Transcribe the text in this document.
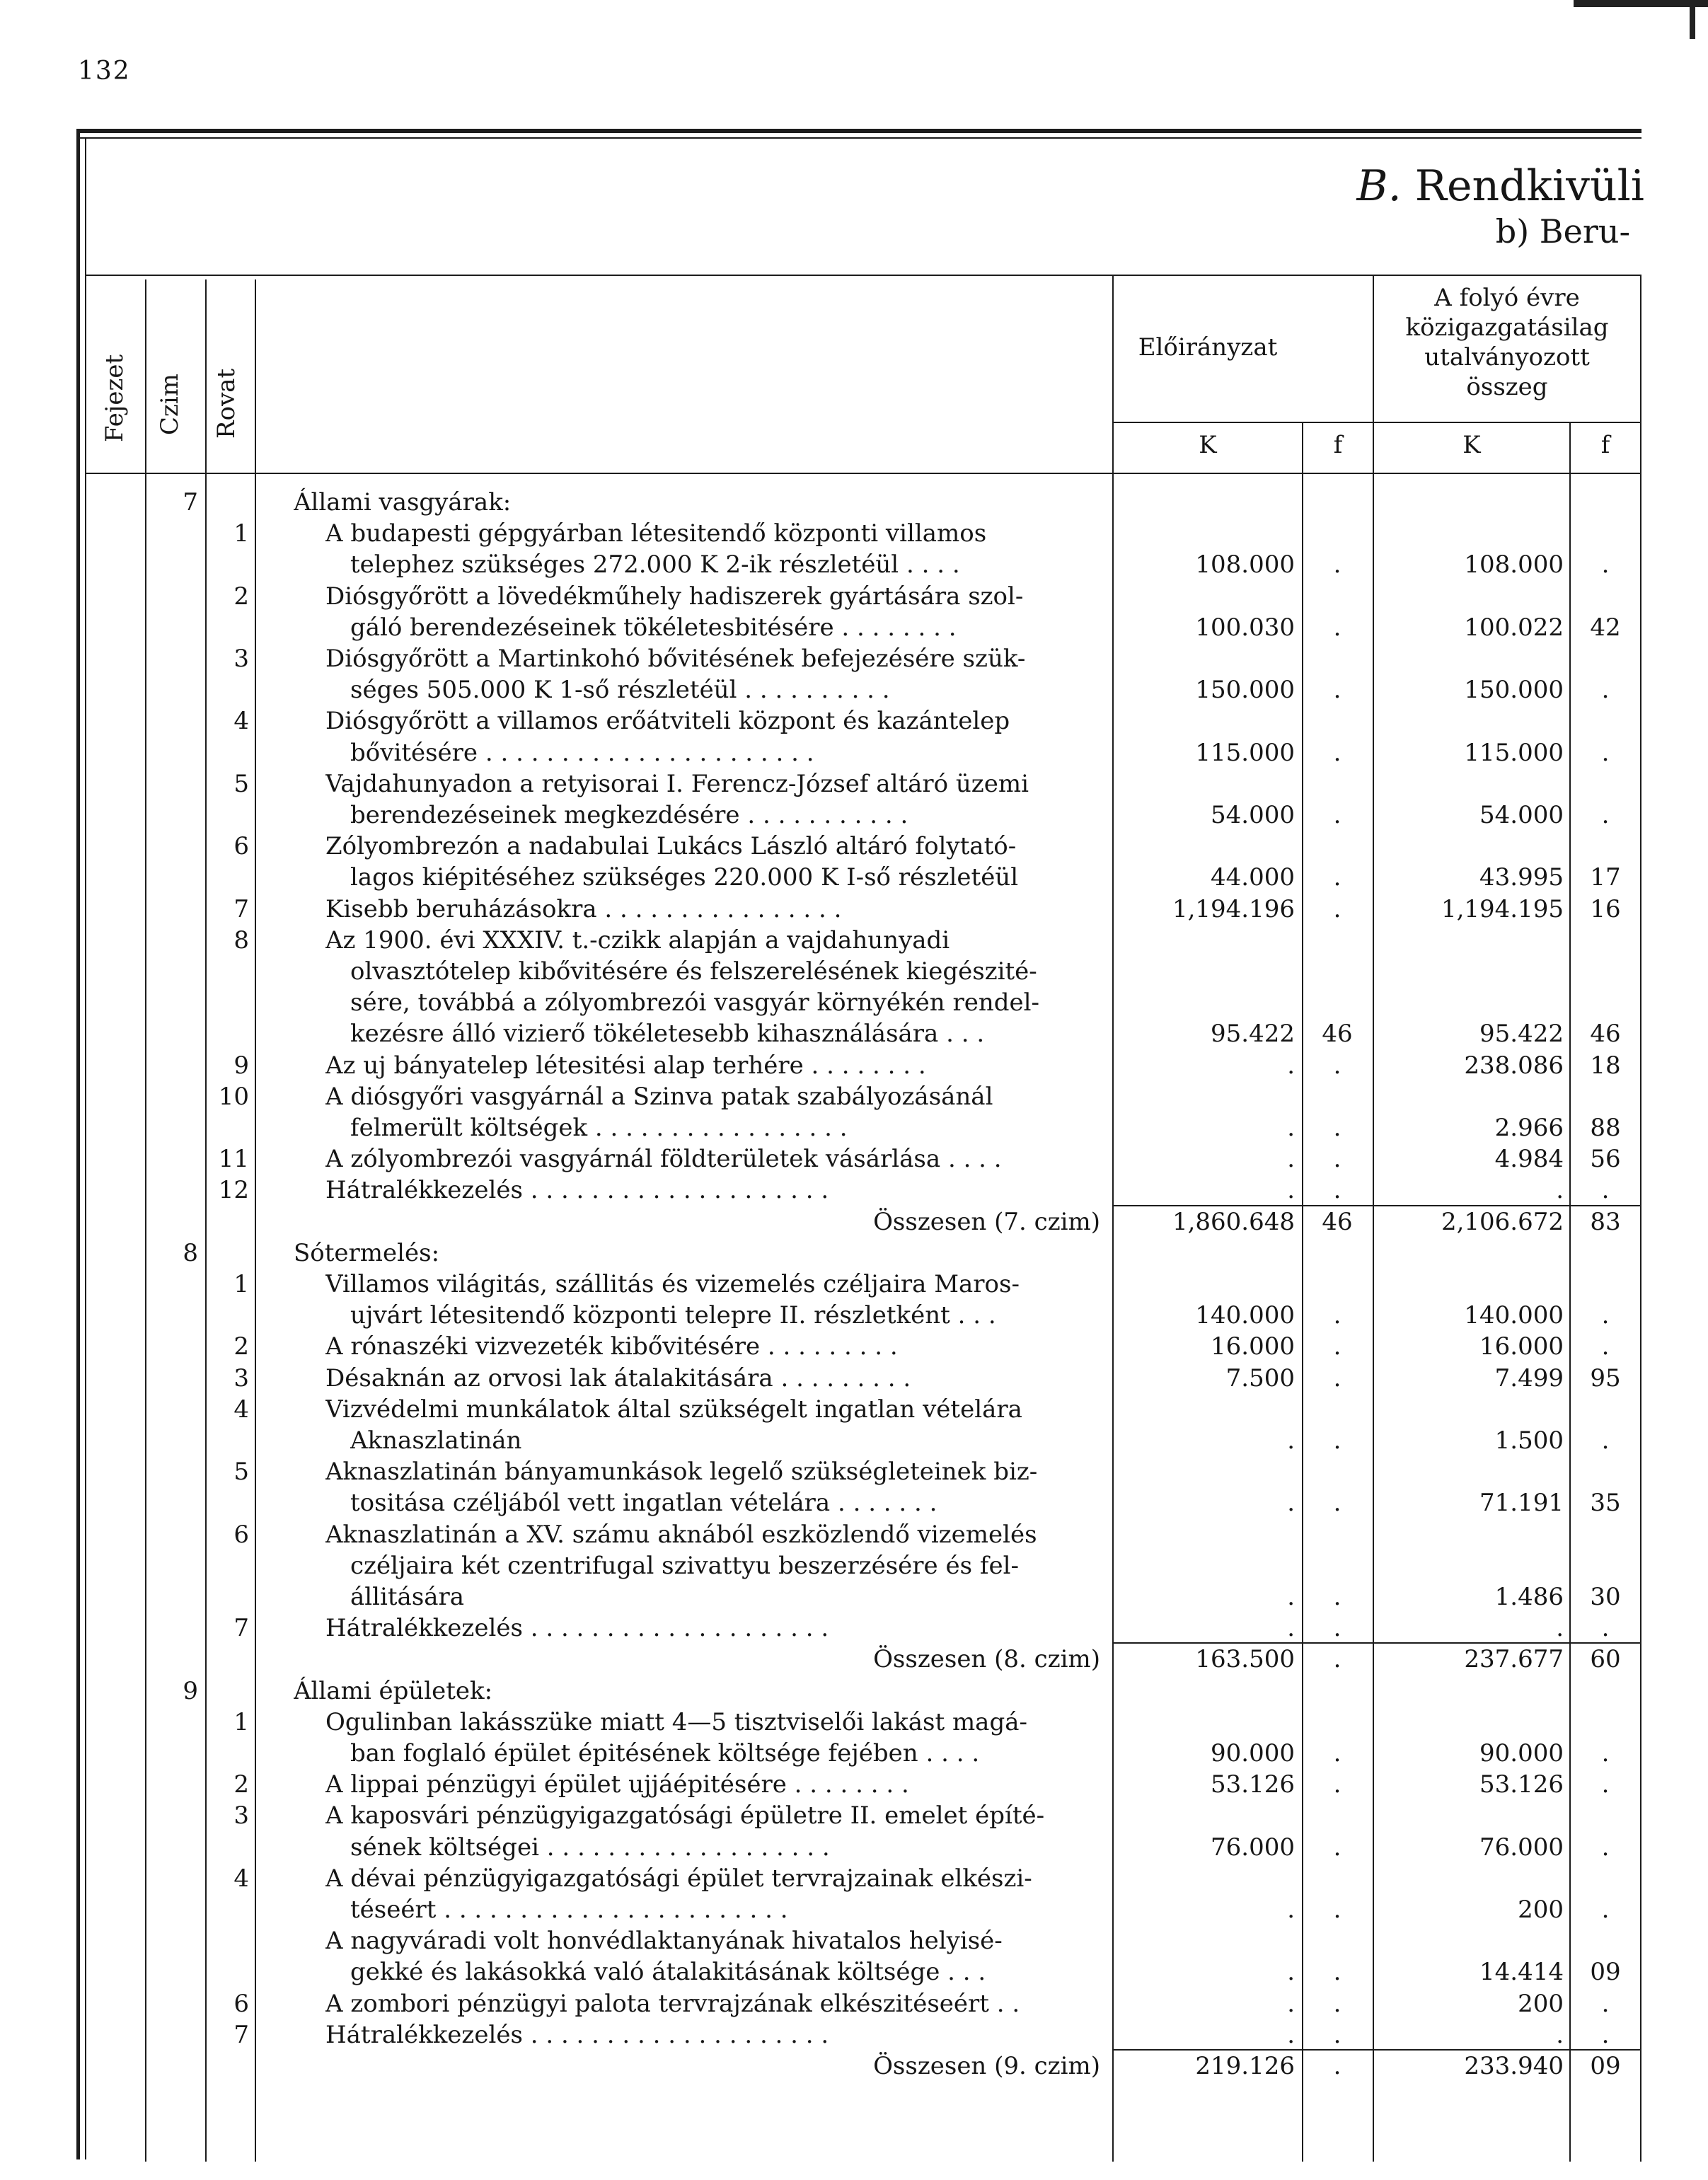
132
B. Rendkivüli
b) Beru-
Fejezet Czim Rovat
Előirányzat
A folyó évre
közigazgatásilag
utalványozott
összeg
K	f	K	f
7	Állami vasgyárak:
1	A budapesti gépgyárban létesitendő központi villamos
telephez szükséges 272.000 K 2-ik részletéül . . . .	108.000	.	108.000	.
2	Diósgyőrött a lövedékműhely hadiszerek gyártására szol-
gáló berendezéseinek tökéletesbitésére . . . . . . . .	100.030	.	100.022	42
3	Diósgyőrött a Martinkohó bővitésének befejezésére szük-
séges 505.000 K 1-ső részletéül . . . . . . . . . .	150.000	.	150.000	.
4	Diósgyőrött a villamos erőátviteli központ és kazántelep
bővitésére . . . . . . . . . . . . . . . . . . . . . .	115.000	.	115.000	.
5	Vajdahunyadon a retyisorai I. Ferencz-József altáró üzemi
berendezéseinek megkezdésére . . . . . . . . . . .	54.000	.	54.000	.
6	Zólyombrezón a nadabulai Lukács László altáró folytató-
lagos kiépitéséhez szükséges 220.000 K I-ső részletéül	44.000	.	43.995	17
7	Kisebb beruházásokra . . . . . . . . . . . . . . . .	1,194.196	.	1,194.195	16
8	Az 1900. évi XXXIV. t.-czikk alapján a vajdahunyadi
olvasztótelep kibővitésére és felszerelésének kiegészité-
sére, továbbá a zólyombrezói vasgyár környékén rendel-
kezésre álló vizierő tökéletesebb kihasználására . . .	95.422	46	95.422	46
9	Az uj bányatelep létesitési alap terhére . . . . . . . .	.	.	238.086	18
10	A diósgyőri vasgyárnál a Szinva patak szabályozásánál
felmerült költségek . . . . . . . . . . . . . . . . .	.	.	2.966	88
11	A zólyombrezói vasgyárnál földterületek vásárlása . . . .	.	.	4.984	56
12	Hátralékkezelés . . . . . . . . . . . . . . . . . . . .	.	.	.	.
Összesen (7. czim)	1,860.648	46	2,106.672	83
8	Sótermelés:
1	Villamos világitás, szállitás és vizemelés czéljaira Maros-
ujvárt létesitendő központi telepre II. részletként . . .	140.000	.	140.000	.
2	A rónaszéki vizvezeték kibővitésére . . . . . . . . .	16.000	.	16.000	.
3	Désaknán az orvosi lak átalakitására . . . . . . . . .	7.500	.	7.499	95
4	Vizvédelmi munkálatok által szükségelt ingatlan vételára
Aknaszlatinán	.	.	1.500	.
5	Aknaszlatinán bányamunkások legelő szükségleteinek biz-
tositása czéljából vett ingatlan vételára . . . . . . .	.	.	71.191	35
6	Aknaszlatinán a XV. számu aknából eszközlendő vizemelés
czéljaira két czentrifugal szivattyu beszerzésére és fel-
állitására	.	.	1.486	30
7	Hátralékkezelés . . . . . . . . . . . . . . . . . . . .	.	.	.	.
Összesen (8. czim)	163.500	.	237.677	60
9	Állami épületek:
1	Ogulinban lakásszüke miatt 4—5 tisztviselői lakást magá-
ban foglaló épület épitésének költsége fejében . . . .	90.000	.	90.000	.
2	A lippai pénzügyi épület ujjáépitésére . . . . . . . .	53.126	.	53.126	.
3	A kaposvári pénzügyigazgatósági épületre II. emelet építé-
sének költségei . . . . . . . . . . . . . . . . . . .	76.000	.	76.000	.
4	A dévai pénzügyigazgatósági épület tervrajzainak elkészi-
téseért . . . . . . . . . . . . . . . . . . . . . . .	.	.	200	.
A nagyváradi volt honvédlaktanyának hivatalos helyisé-
gekké és lakásokká való átalakitásának költsége . . .	.	.	14.414	09
6	A zombori pénzügyi palota tervrajzának elkészitéseért . .	.	.	200	.
7	Hátralékkezelés . . . . . . . . . . . . . . . . . . . .	.	.	.	.
Összesen (9. czim)	219.126	.	233.940	09
